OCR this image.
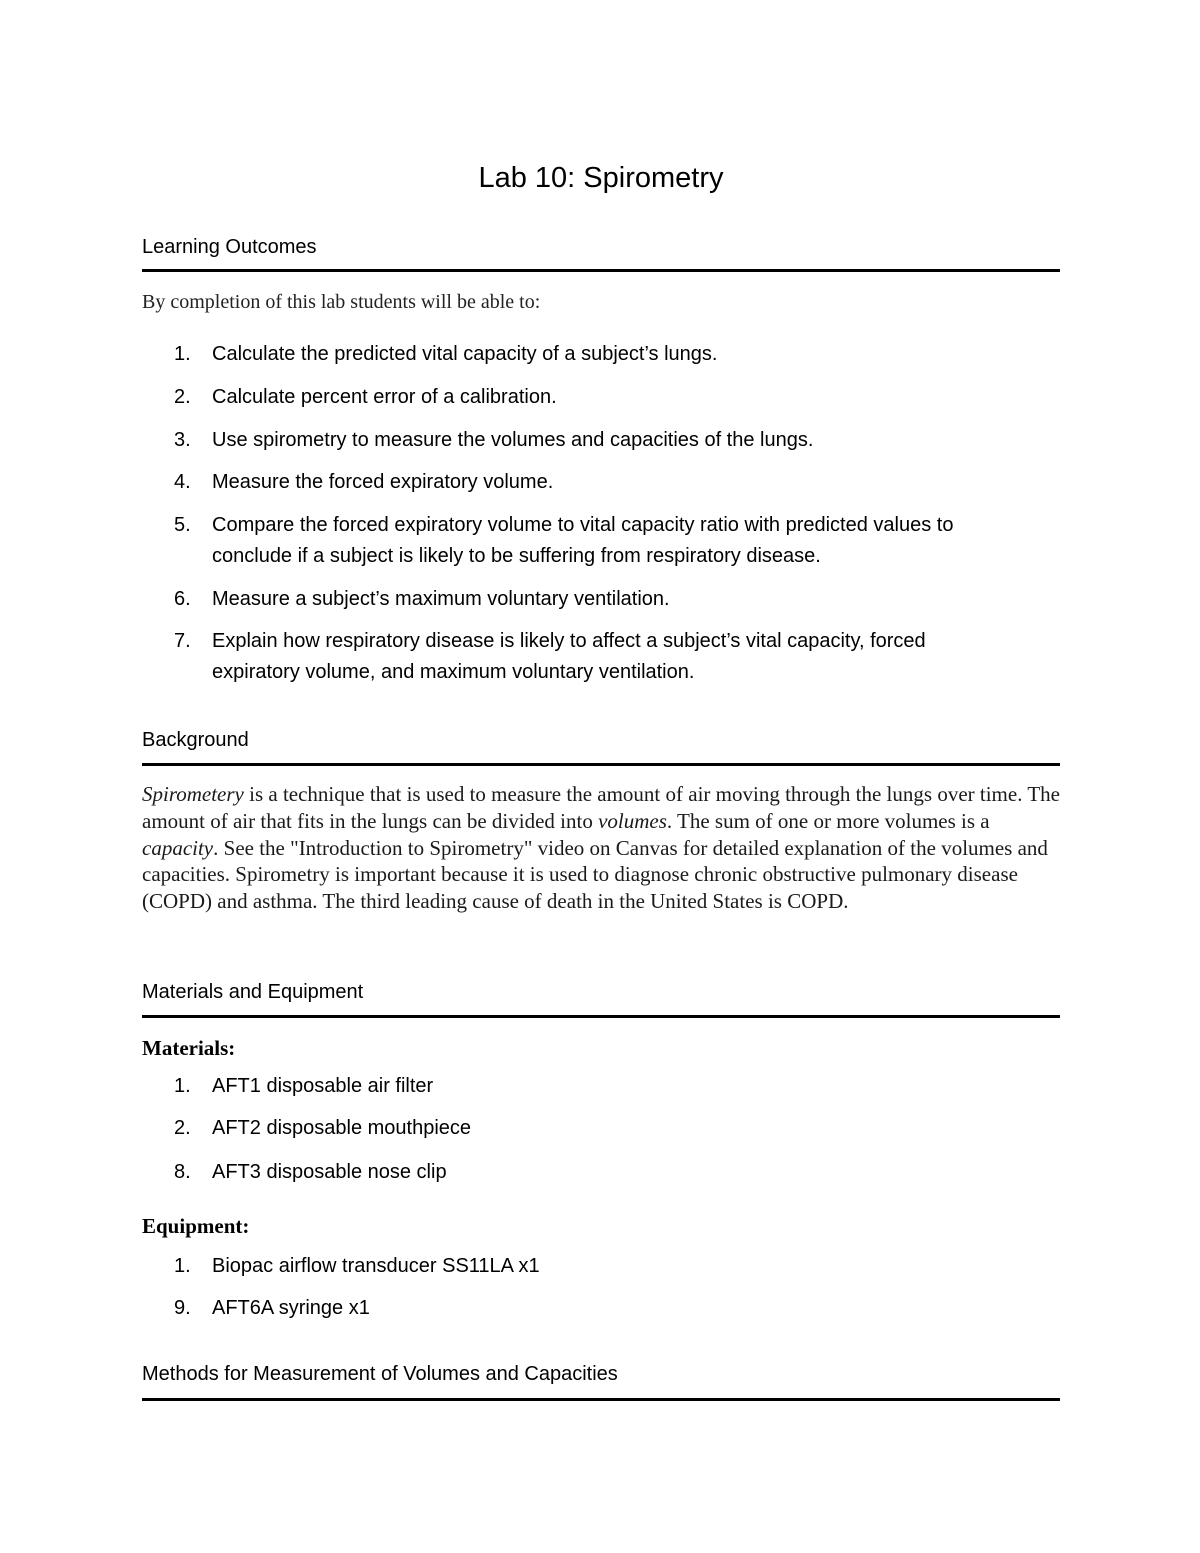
Lab 10: Spirometry
Learning Outcomes
By completion of this lab students will be able to:
1.	Calculate the predicted vital capacity of a subject’s lungs.
2.	Calculate percent error of a calibration.
3.	Use spirometry to measure the volumes and capacities of the lungs.
4.	Measure the forced expiratory volume.
5.	Compare the forced expiratory volume to vital capacity ratio with predicted values to
conclude if a subject is likely to be suffering from respiratory disease.
6.	Measure a subject’s maximum voluntary ventilation.
7.	Explain how respiratory disease is likely to affect a subject’s vital capacity, forced
expiratory volume, and maximum voluntary ventilation.
Background
Spirometery is a technique that is used to measure the amount of air moving through the lungs over time. The amount of air that fits in the lungs can be divided into volumes. The sum of one or more volumes is a capacity. See the "Introduction to Spirometry" video on Canvas for detailed explanation of the volumes and capacities. Spirometry is important because it is used to diagnose chronic obstructive pulmonary disease (COPD) and asthma. The third leading cause of death in the United States is COPD.
Materials and Equipment
Materials:
1.	AFT1 disposable air filter
2.	AFT2 disposable mouthpiece
8.	AFT3 disposable nose clip
Equipment:
1.	Biopac airflow transducer SS11LA x1
9.	AFT6A syringe x1
Methods for Measurement of Volumes and Capacities
